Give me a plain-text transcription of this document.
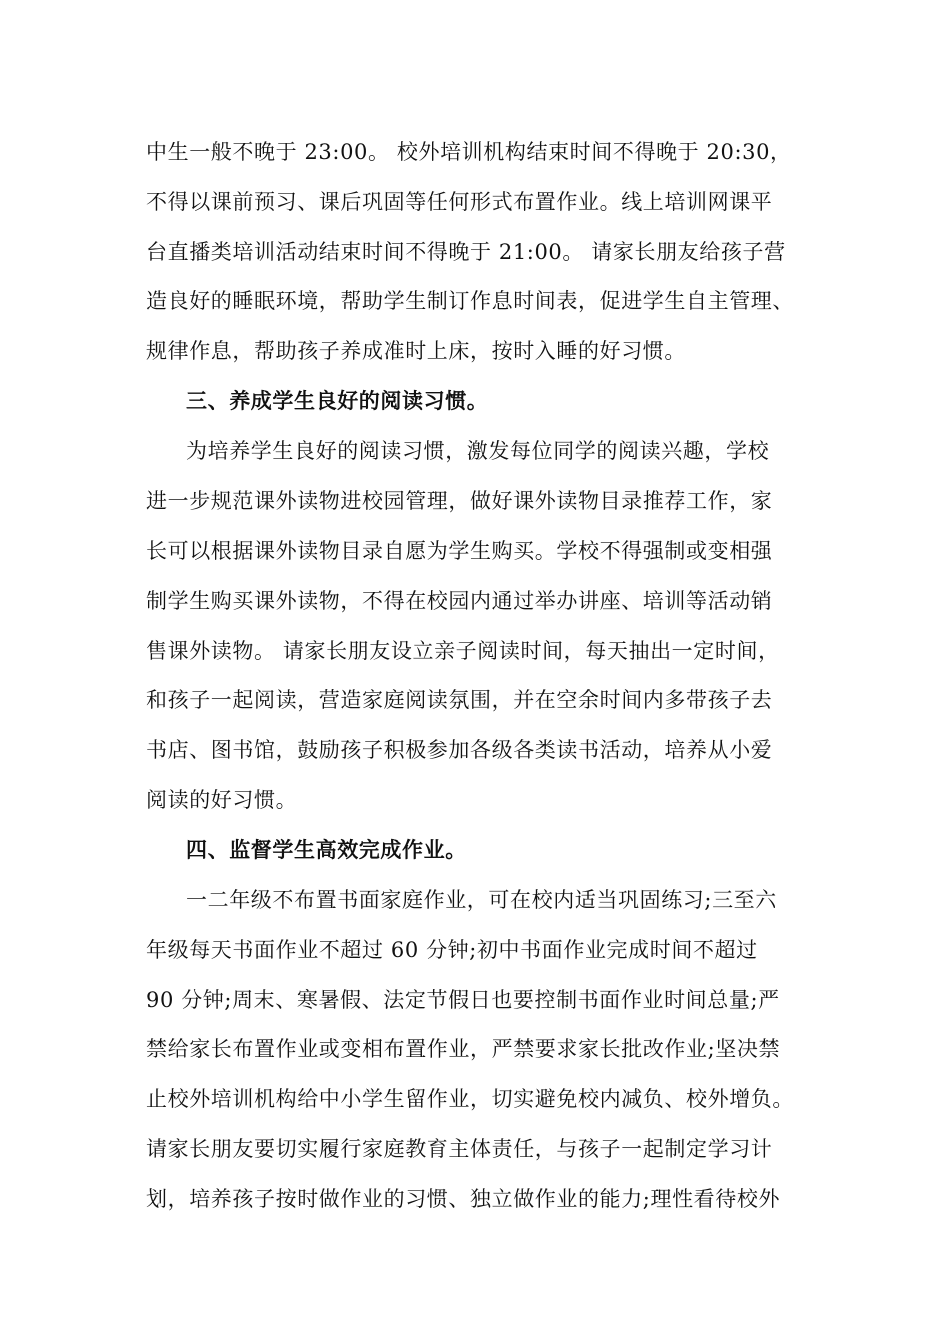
中生一般不晚于 23:00。 校外培训机构结束时间不得晚于 20:30，
不得以课前预习、课后巩固等任何形式布置作业。线上培训网课平
台直播类培训活动结束时间不得晚于 21:00。 请家长朋友给孩子营
造良好的睡眠环境，帮助学生制订作息时间表，促进学生自主管理、
规律作息，帮助孩子养成准时上床，按时入睡的好习惯。
三、养成学生良好的阅读习惯。
为培养学生良好的阅读习惯，激发每位同学的阅读兴趣，学校
进一步规范课外读物进校园管理，做好课外读物目录推荐工作，家
长可以根据课外读物目录自愿为学生购买。学校不得强制或变相强
制学生购买课外读物，不得在校园内通过举办讲座、培训等活动销
售课外读物。 请家长朋友设立亲子阅读时间，每天抽出一定时间，
和孩子一起阅读，营造家庭阅读氛围，并在空余时间内多带孩子去
书店、图书馆，鼓励孩子积极参加各级各类读书活动，培养从小爱
阅读的好习惯。
四、监督学生高效完成作业。
一二年级不布置书面家庭作业，可在校内适当巩固练习;三至六
年级每天书面作业不超过 60 分钟;初中书面作业完成时间不超过
90 分钟;周末、寒暑假、法定节假日也要控制书面作业时间总量;严
禁给家长布置作业或变相布置作业，严禁要求家长批改作业;坚决禁
止校外培训机构给中小学生留作业，切实避免校内减负、校外增负。
请家长朋友要切实履行家庭教育主体责任，与孩子一起制定学习计
划，培养孩子按时做作业的习惯、独立做作业的能力;理性看待校外
